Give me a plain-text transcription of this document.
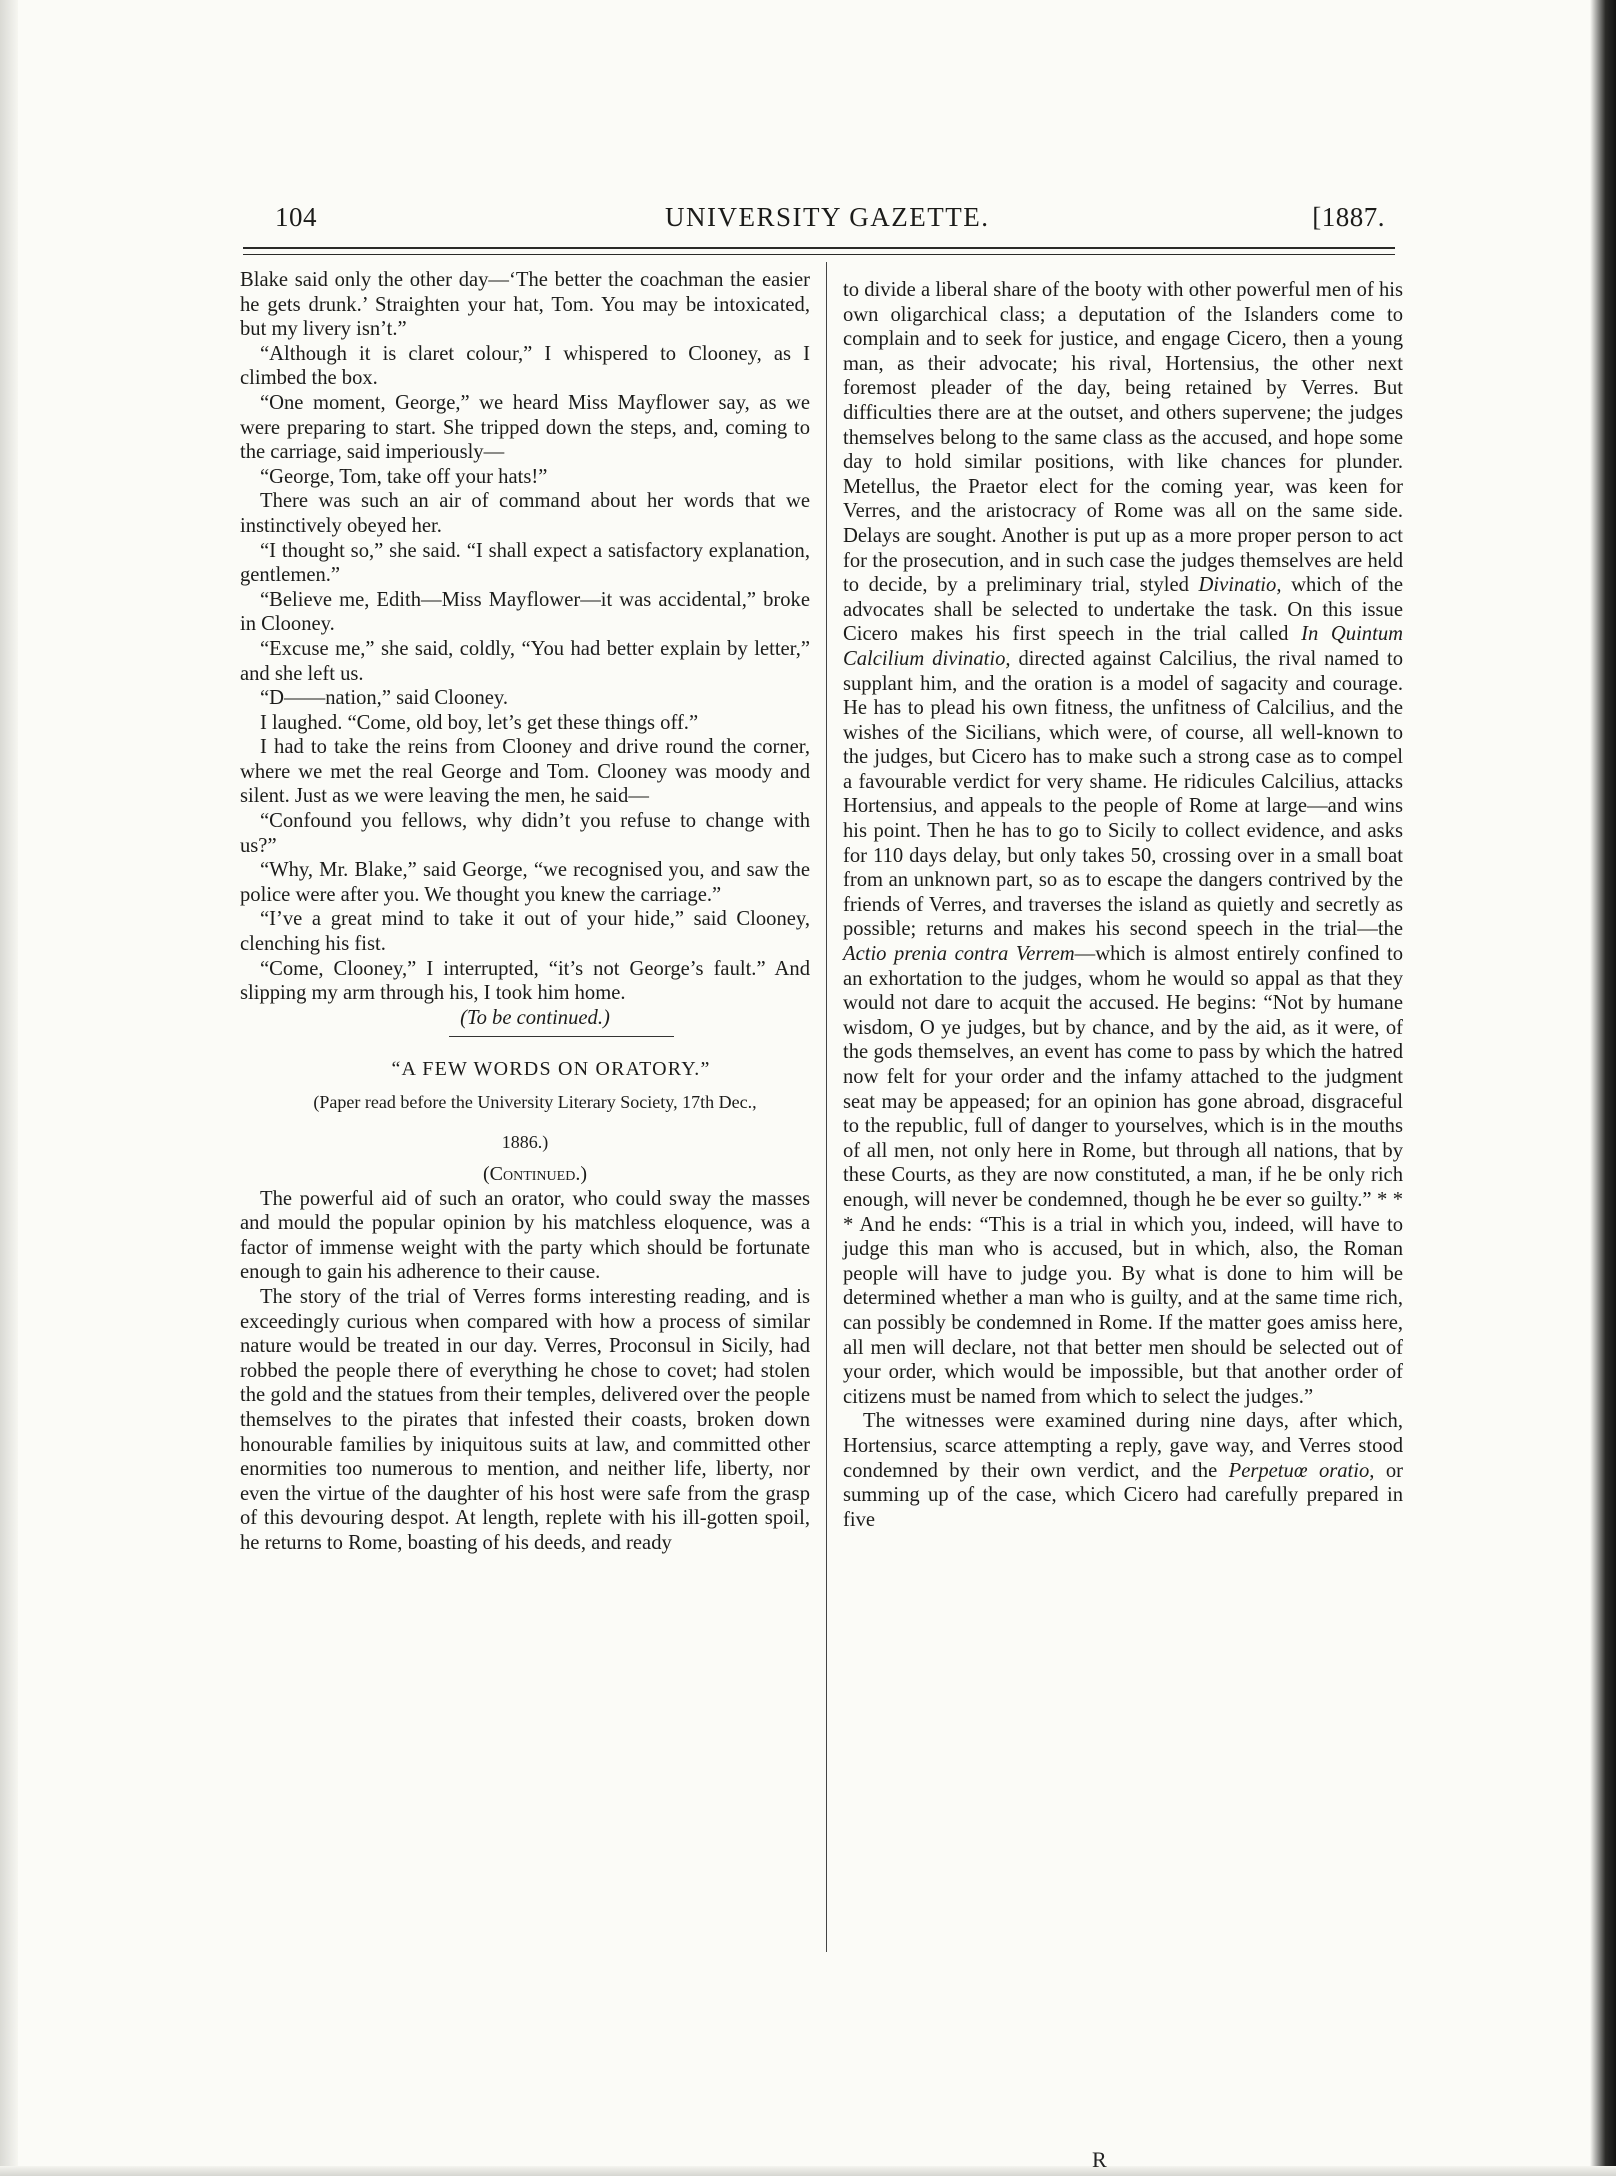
104	UNIVERSITY GAZETTE.	[1887.

Blake said only the other day—‘The better the coachman the easier he gets drunk.’ Straighten your hat, Tom. You may be intoxicated, but my livery isn’t.”

“Although it is claret colour,” I whispered to Clooney, as I climbed the box.

“One moment, George,” we heard Miss Mayflower say, as we were preparing to start. She tripped down the steps, and, coming to the carriage, said imperiously—

“George, Tom, take off your hats!”

There was such an air of command about her words that we instinctively obeyed her.

“I thought so,” she said. “I shall expect a satisfactory explanation, gentlemen.”

“Believe me, Edith—Miss Mayflower—it was accidental,” broke in Clooney.

“Excuse me,” she said, coldly, “You had better explain by letter,” and she left us.

“D——nation,” said Clooney.

I laughed. “Come, old boy, let’s get these things off.”

I had to take the reins from Clooney and drive round the corner, where we met the real George and Tom. Clooney was moody and silent. Just as we were leaving the men, he said—

“Confound you fellows, why didn’t you refuse to change with us?”

“Why, Mr. Blake,” said George, “we recognised you, and saw the police were after you. We thought you knew the carriage.”

“I’ve a great mind to take it out of your hide,” said Clooney, clenching his fist.

“Come, Clooney,” I interrupted, “it’s not George’s fault.” And slipping my arm through his, I took him home.

(To be continued.)

“A FEW WORDS ON ORATORY.”

(Paper read before the University Literary Society, 17th Dec.,
1886.)

(Continued.)

The powerful aid of such an orator, who could sway the masses and mould the popular opinion by his matchless eloquence, was a factor of immense weight with the party which should be fortunate enough to gain his adherence to their cause.

The story of the trial of Verres forms interesting reading, and is exceedingly curious when compared with how a process of similar nature would be treated in our day. Verres, Proconsul in Sicily, had robbed the people there of everything he chose to covet; had stolen the gold and the statues from their temples, delivered over the people themselves to the pirates that infested their coasts, broken down honourable families by iniquitous suits at law, and committed other enormities too numerous to mention, and neither life, liberty, nor even the virtue of the daughter of his host were safe from the grasp of this devouring despot. At length, replete with his ill-gotten spoil, he returns to Rome, boasting of his deeds, and ready

to divide a liberal share of the booty with other powerful men of his own oligarchical class; a deputation of the Islanders come to complain and to seek for justice, and engage Cicero, then a young man, as their advocate; his rival, Hortensius, the other next foremost pleader of the day, being retained by Verres. But difficulties there are at the outset, and others supervene; the judges themselves belong to the same class as the accused, and hope some day to hold similar positions, with like chances for plunder. Metellus, the Praetor elect for the coming year, was keen for Verres, and the aristocracy of Rome was all on the same side. Delays are sought. Another is put up as a more proper person to act for the prosecution, and in such case the judges themselves are held to decide, by a preliminary trial, styled Divinatio, which of the advocates shall be selected to undertake the task. On this issue Cicero makes his first speech in the trial called In Quintum Calcilium divinatio, directed against Calcilius, the rival named to supplant him, and the oration is a model of sagacity and courage. He has to plead his own fitness, the unfitness of Calcilius, and the wishes of the Sicilians, which were, of course, all well-known to the judges, but Cicero has to make such a strong case as to compel a favourable verdict for very shame. He ridicules Calcilius, attacks Hortensius, and appeals to the people of Rome at large—and wins his point. Then he has to go to Sicily to collect evidence, and asks for 110 days delay, but only takes 50, crossing over in a small boat from an unknown part, so as to escape the dangers contrived by the friends of Verres, and traverses the island as quietly and secretly as possible; returns and makes his second speech in the trial—the Actio prenia contra Verrem—which is almost entirely confined to an exhortation to the judges, whom he would so appal as that they would not dare to acquit the accused. He begins: “Not by humane wisdom, O ye judges, but by chance, and by the aid, as it were, of the gods themselves, an event has come to pass by which the hatred now felt for your order and the infamy attached to the judgment seat may be appeased; for an opinion has gone abroad, disgraceful to the republic, full of danger to yourselves, which is in the mouths of all men, not only here in Rome, but through all nations, that by these Courts, as they are now constituted, a man, if he be only rich enough, will never be condemned, though he be ever so guilty.” * * * And he ends: “This is a trial in which you, indeed, will have to judge this man who is accused, but in which, also, the Roman people will have to judge you. By what is done to him will be determined whether a man who is guilty, and at the same time rich, can possibly be condemned in Rome. If the matter goes amiss here, all men will declare, not that better men should be selected out of your order, which would be impossible, but that another order of citizens must be named from which to select the judges.”

The witnesses were examined during nine days, after which, Hortensius, scarce attempting a reply, gave way, and Verres stood condemned by their own verdict, and the Perpetuœ oratio, or summing up of the case, which Cicero had carefully prepared in five

R
